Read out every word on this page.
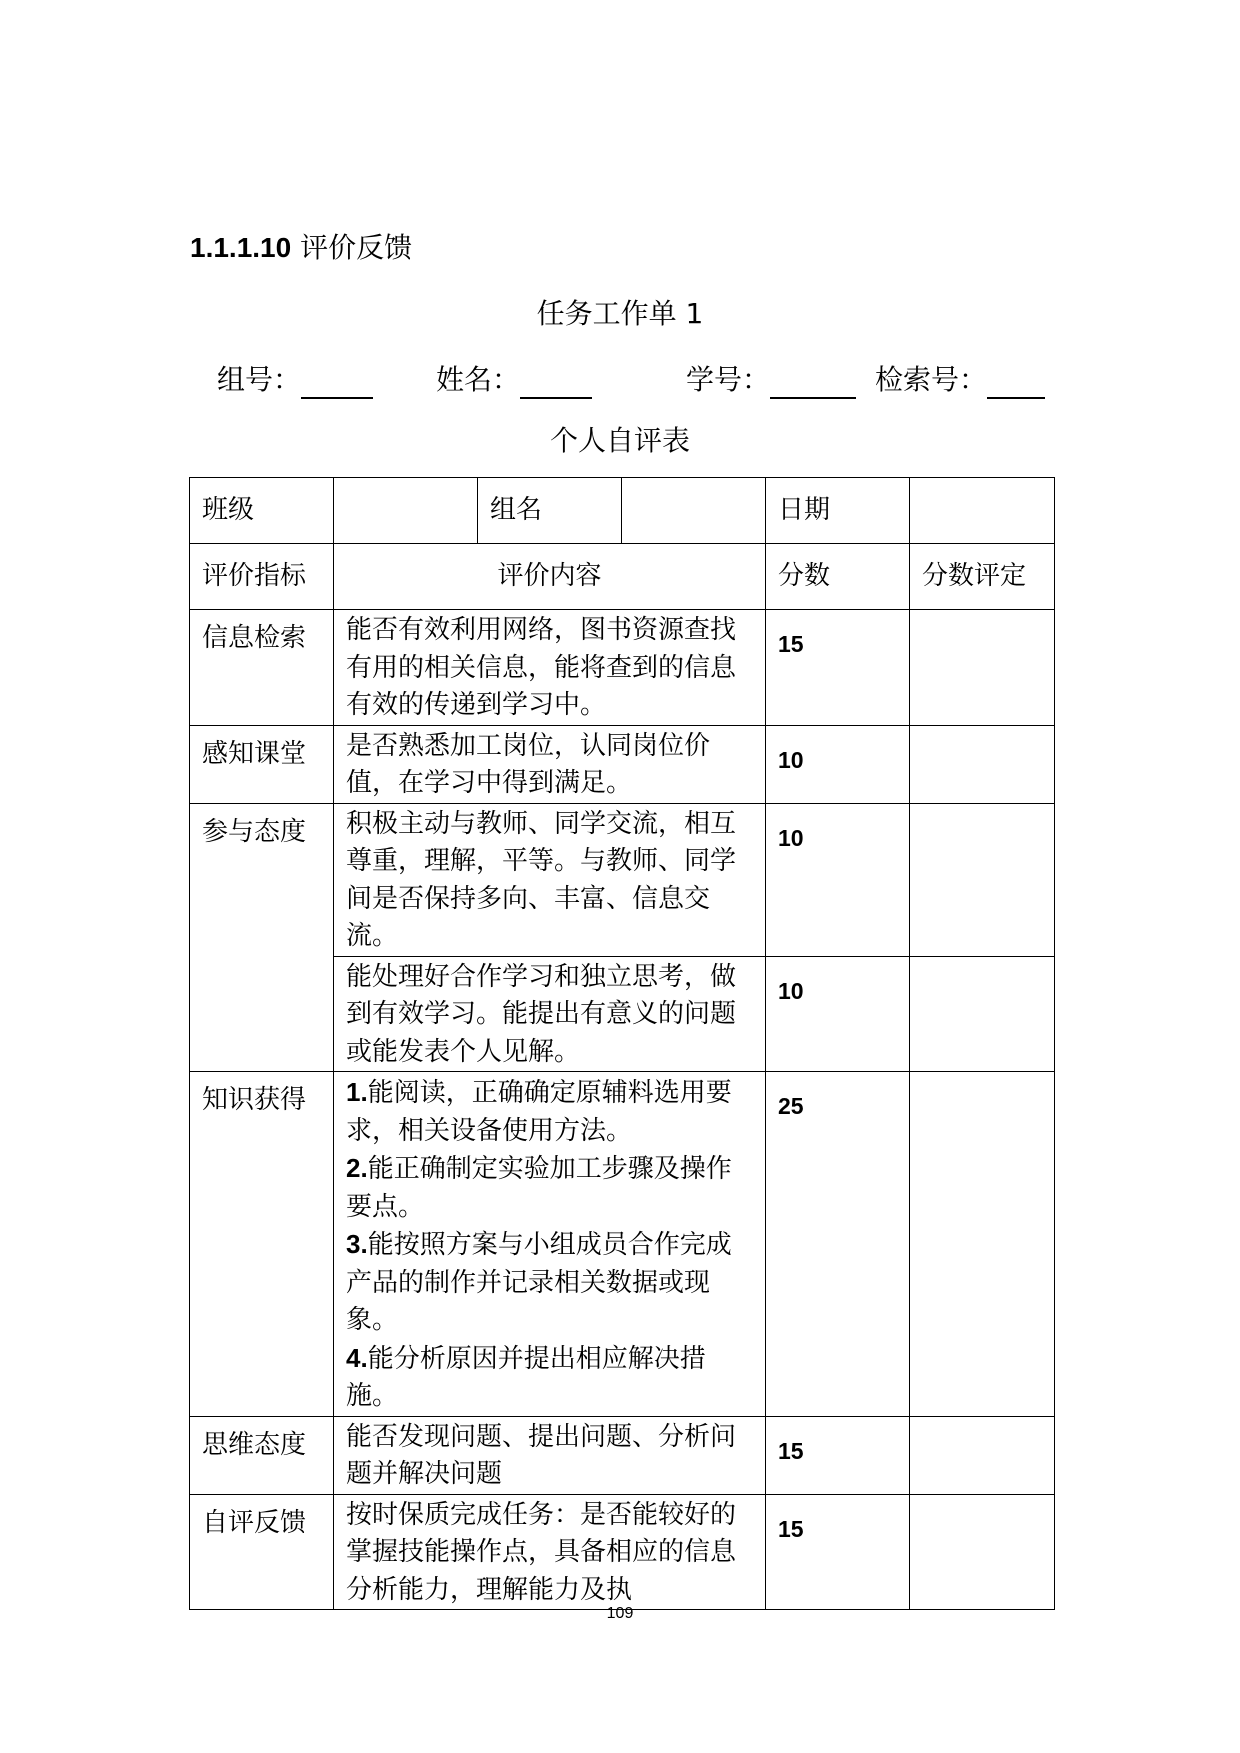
1.1.1.10 评价反馈
任务工作单 1
组号：	姓名：	学号：	检索号：
个人自评表
班级		组名		日期	
评价指标	评价内容			分数	分数评定
信息检索	能否有效利用网络，图书资源查找有用的相关信息，能将查到的信息有效的传递到学习中。			15	
感知课堂	是否熟悉加工岗位，认同岗位价值，在学习中得到满足。			10	
参与态度	积极主动与教师、同学交流，相互尊重，理解，平等。与教师、同学间是否保持多向、丰富、信息交流。			10	
	能处理好合作学习和独立思考，做到有效学习。能提出有意义的问题或能发表个人见解。			10	
知识获得	1.能阅读，正确确定原辅料选用要求，相关设备使用方法。
2.能正确制定实验加工步骤及操作要点。
3.能按照方案与小组成员合作完成产品的制作并记录相关数据或现象。
4.能分析原因并提出相应解决措施。			25	
思维态度	能否发现问题、提出问题、分析问题并解决问题			15	
自评反馈	按时保质完成任务：是否能较好的掌握技能操作点，具备相应的信息分析能力，理解能力及执			15	
109
